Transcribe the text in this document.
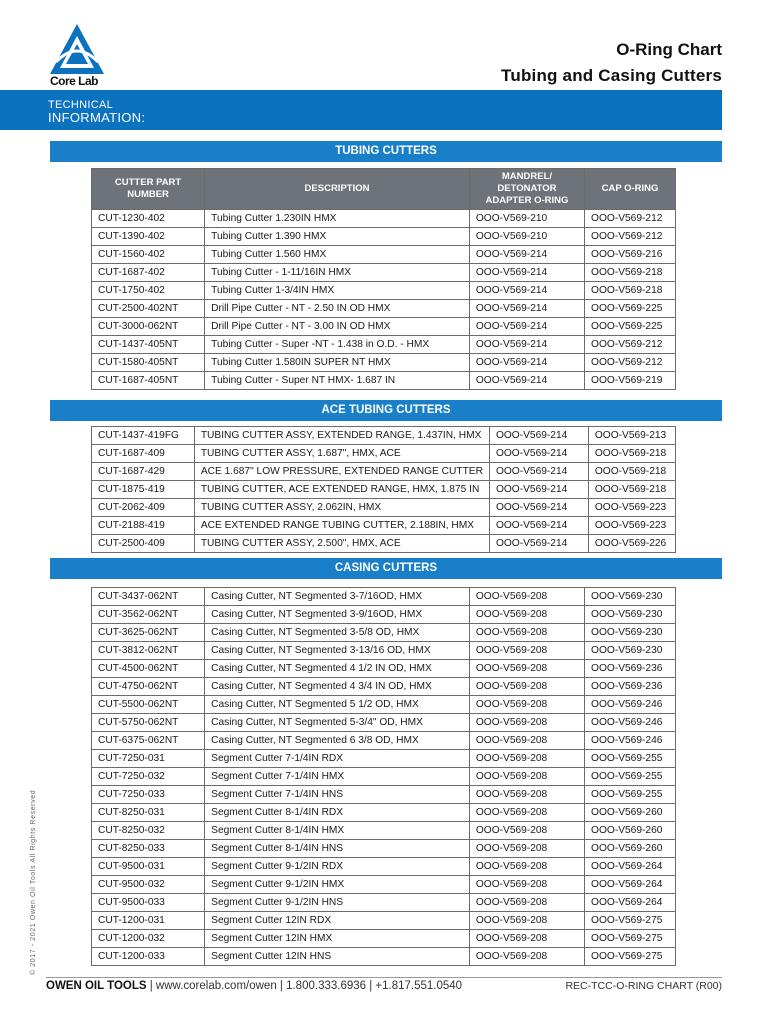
Core Lab
O-Ring Chart
Tubing and Casing Cutters
TECHNICAL
INFORMATION:
TUBING CUTTERS
CUTTER PART NUMBER	DESCRIPTION	MANDREL/ DETONATOR ADAPTER O-RING	CAP O-RING
CUT-1230-402	Tubing Cutter 1.230IN HMX	OOO-V569-210	OOO-V569-212
CUT-1390-402	Tubing Cutter 1.390 HMX	OOO-V569-210	OOO-V569-212
CUT-1560-402	Tubing Cutter 1.560 HMX	OOO-V569-214	OOO-V569-216
CUT-1687-402	Tubing Cutter - 1-11/16IN HMX	OOO-V569-214	OOO-V569-218
CUT-1750-402	Tubing Cutter 1-3/4IN HMX	OOO-V569-214	OOO-V569-218
CUT-2500-402NT	Drill Pipe Cutter - NT - 2.50 IN OD HMX	OOO-V569-214	OOO-V569-225
CUT-3000-062NT	Drill Pipe Cutter - NT - 3.00 IN OD HMX	OOO-V569-214	OOO-V569-225
CUT-1437-405NT	Tubing Cutter - Super -NT - 1.438 in O.D. - HMX	OOO-V569-214	OOO-V569-212
CUT-1580-405NT	Tubing Cutter 1.580IN SUPER NT HMX	OOO-V569-214	OOO-V569-212
CUT-1687-405NT	Tubing Cutter - Super NT HMX- 1.687 IN	OOO-V569-214	OOO-V569-219
ACE TUBING CUTTERS
CUT-1437-419FG	TUBING CUTTER ASSY, EXTENDED RANGE, 1.437IN, HMX	OOO-V569-214	OOO-V569-213
CUT-1687-409	TUBING CUTTER ASSY, 1.687", HMX, ACE	OOO-V569-214	OOO-V569-218
CUT-1687-429	ACE 1.687" LOW PRESSURE, EXTENDED RANGE CUTTER	OOO-V569-214	OOO-V569-218
CUT-1875-419	TUBING CUTTER, ACE EXTENDED RANGE, HMX, 1.875 IN	OOO-V569-214	OOO-V569-218
CUT-2062-409	TUBING CUTTER ASSY, 2.062IN, HMX	OOO-V569-214	OOO-V569-223
CUT-2188-419	ACE EXTENDED RANGE TUBING CUTTER, 2.188IN, HMX	OOO-V569-214	OOO-V569-223
CUT-2500-409	TUBING CUTTER ASSY, 2.500", HMX, ACE	OOO-V569-214	OOO-V569-226
CASING CUTTERS
CUT-3437-062NT	Casing Cutter, NT Segmented 3-7/16OD, HMX	OOO-V569-208	OOO-V569-230
CUT-3562-062NT	Casing Cutter, NT Segmented 3-9/16OD, HMX	OOO-V569-208	OOO-V569-230
CUT-3625-062NT	Casing Cutter, NT Segmented 3-5/8 OD, HMX	OOO-V569-208	OOO-V569-230
CUT-3812-062NT	Casing Cutter, NT Segmented 3-13/16 OD, HMX	OOO-V569-208	OOO-V569-230
CUT-4500-062NT	Casing Cutter, NT Segmented 4 1/2 IN OD, HMX	OOO-V569-208	OOO-V569-236
CUT-4750-062NT	Casing Cutter, NT Segmented 4 3/4 IN OD, HMX	OOO-V569-208	OOO-V569-236
CUT-5500-062NT	Casing Cutter, NT Segmented 5 1/2 OD, HMX	OOO-V569-208	OOO-V569-246
CUT-5750-062NT	Casing Cutter, NT Segmented 5-3/4" OD, HMX	OOO-V569-208	OOO-V569-246
CUT-6375-062NT	Casing Cutter, NT Segmented 6 3/8 OD, HMX	OOO-V569-208	OOO-V569-246
CUT-7250-031	Segment Cutter 7-1/4IN RDX	OOO-V569-208	OOO-V569-255
CUT-7250-032	Segment Cutter 7-1/4IN HMX	OOO-V569-208	OOO-V569-255
CUT-7250-033	Segment Cutter 7-1/4IN HNS	OOO-V569-208	OOO-V569-255
CUT-8250-031	Segment Cutter 8-1/4IN RDX	OOO-V569-208	OOO-V569-260
CUT-8250-032	Segment Cutter 8-1/4IN HMX	OOO-V569-208	OOO-V569-260
CUT-8250-033	Segment Cutter 8-1/4IN HNS	OOO-V569-208	OOO-V569-260
CUT-9500-031	Segment Cutter 9-1/2IN RDX	OOO-V569-208	OOO-V569-264
CUT-9500-032	Segment Cutter 9-1/2IN HMX	OOO-V569-208	OOO-V569-264
CUT-9500-033	Segment Cutter 9-1/2IN HNS	OOO-V569-208	OOO-V569-264
CUT-1200-031	Segment Cutter 12IN RDX	OOO-V569-208	OOO-V569-275
CUT-1200-032	Segment Cutter 12IN HMX	OOO-V569-208	OOO-V569-275
CUT-1200-033	Segment Cutter 12IN HNS	OOO-V569-208	OOO-V569-275
© 2017 - 2021 Owen Oil Tools All Rights Reserved
OWEN OIL TOOLS | www.corelab.com/owen | 1.800.333.6936 | +1.817.551.0540	REC-TCC-O-RING CHART (R00)
